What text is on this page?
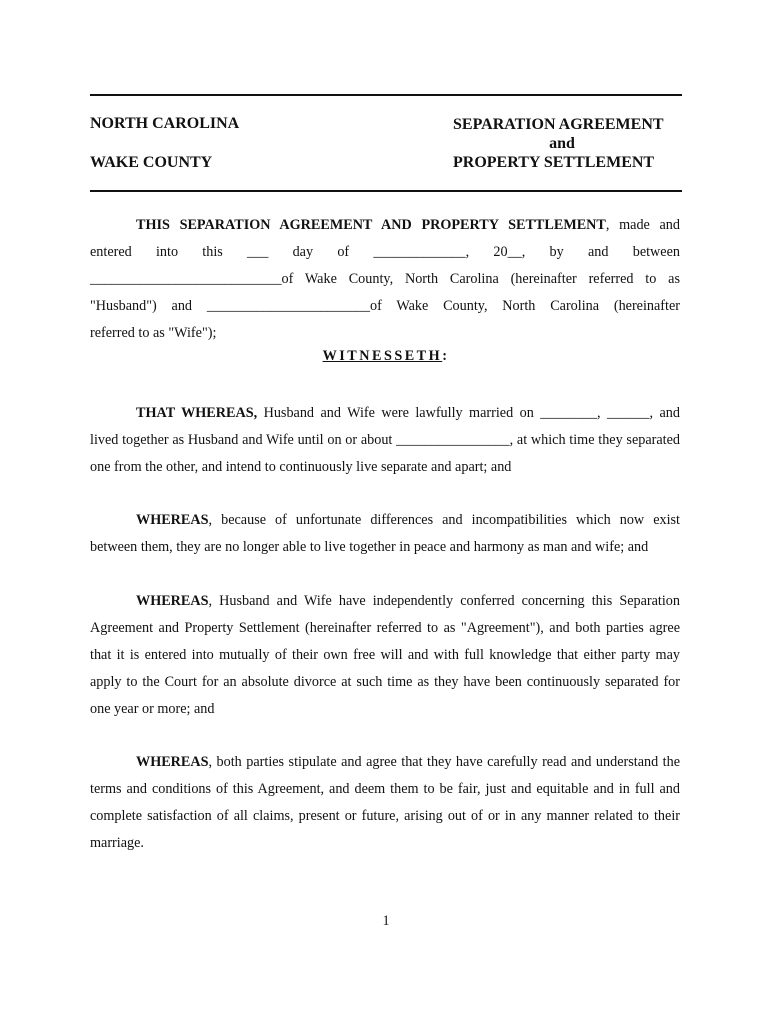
NORTH CAROLINA
WAKE COUNTY
SEPARATION AGREEMENT
and
PROPERTY SETTLEMENT
THIS SEPARATION AGREEMENT AND PROPERTY SETTLEMENT, made and
entered into this ___ day of _____________, 20__, by and between
___________________________of Wake County, North Carolina (hereinafter referred to as
"Husband") and _______________________of Wake County, North Carolina (hereinafter
referred to as "Wife");
WITNESSETH:
THAT WHEREAS, Husband and Wife were lawfully married on ________, ______, and lived together as Husband and Wife until on or about ________________, at which time they separated one from the other, and intend to continuously live separate and apart; and
WHEREAS, because of unfortunate differences and incompatibilities which now exist between them, they are no longer able to live together in peace and harmony as man and wife; and
WHEREAS, Husband and Wife have independently conferred concerning this Separation Agreement and Property Settlement (hereinafter referred to as "Agreement"), and both parties agree that it is entered into mutually of their own free will and with full knowledge that either party may apply to the Court for an absolute divorce at such time as they have been continuously separated for one year or more; and
WHEREAS, both parties stipulate and agree that they have carefully read and understand the terms and conditions of this Agreement, and deem them to be fair, just and equitable and in full and complete satisfaction of all claims, present or future, arising out of or in any manner related to their marriage.
1
